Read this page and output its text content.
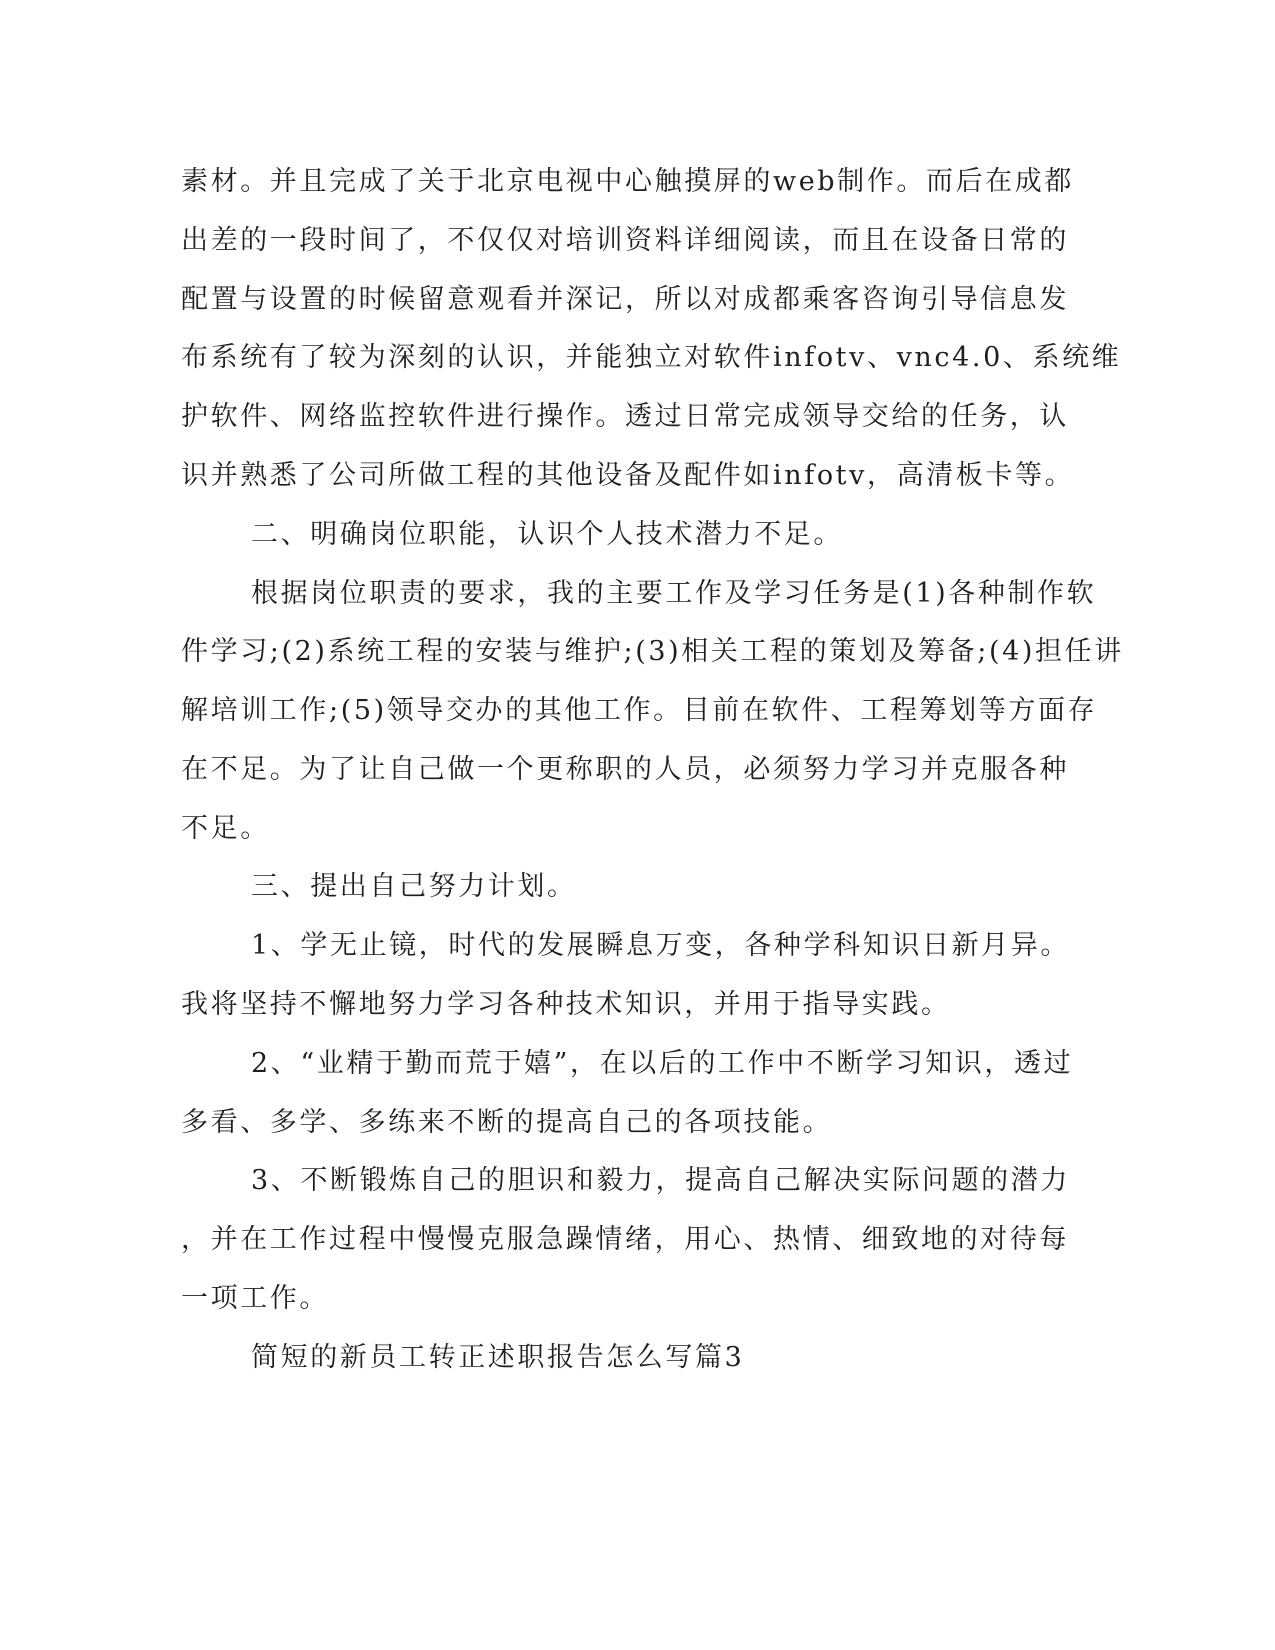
素材。并且完成了关于北京电视中心触摸屏的web制作。而后在成都
出差的一段时间了，不仅仅对培训资料详细阅读，而且在设备日常的
配置与设置的时候留意观看并深记，所以对成都乘客咨询引导信息发
布系统有了较为深刻的认识，并能独立对软件infotv、vnc4.0、系统维
护软件、网络监控软件进行操作。透过日常完成领导交给的任务，认
识并熟悉了公司所做工程的其他设备及配件如infotv，高清板卡等。
二、明确岗位职能，认识个人技术潜力不足。
根据岗位职责的要求，我的主要工作及学习任务是(1)各种制作软
件学习;(2)系统工程的安装与维护;(3)相关工程的策划及筹备;(4)担任讲
解培训工作;(5)领导交办的其他工作。目前在软件、工程筹划等方面存
在不足。为了让自己做一个更称职的人员，必须努力学习并克服各种
不足。
三、提出自己努力计划。
1、学无止镜，时代的发展瞬息万变，各种学科知识日新月异。
我将坚持不懈地努力学习各种技术知识，并用于指导实践。
2、“业精于勤而荒于嬉”，在以后的工作中不断学习知识，透过
多看、多学、多练来不断的提高自己的各项技能。
3、不断锻炼自己的胆识和毅力，提高自己解决实际问题的潜力
，并在工作过程中慢慢克服急躁情绪，用心、热情、细致地的对待每
一项工作。
简短的新员工转正述职报告怎么写篇3
